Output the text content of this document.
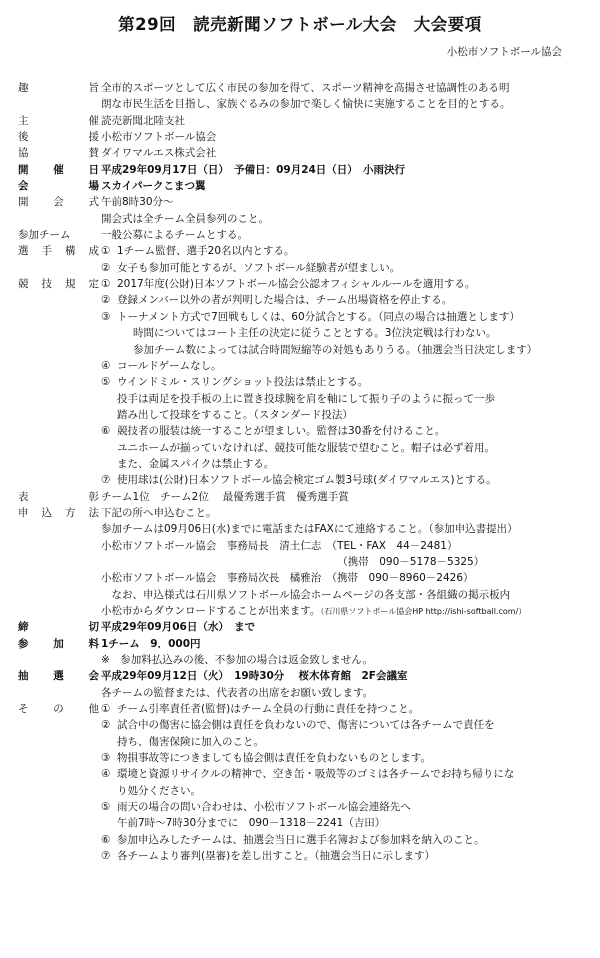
第29回　読売新聞ソフトボール大会　大会要項
小松市ソフトボール協会
趣	旨 全市的スポーツとして広く市民の参加を得て、スポーツ精神を高揚させ協調性のある明
朗な市民生活を目指し、家族ぐるみの参加で楽しく愉快に実施することを目的とする。
主	催 読売新聞北陸支社
後	援 小松市ソフトボール協会
協	賛 ダイワマルエス株式会社
開 催 日 平成29年09月17日（日）　予備日：09月24日（日）　小雨決行
会	場 スカイパークこまつ翼
開 会 式 午前8時30分～
開会式は全チーム全員参列のこと。
参加チーム	一般公募によるチームとする。
選 手 構 成 ① 1チーム監督、選手20名以内とする。
② 女子も参加可能とするが、ソフトボール経験者が望ましい。
競 技 規 定 ① 2017年度(公財)日本ソフトボール協会公認オフィシャルルールを適用する。
② 登録メンバー以外の者が判明した場合は、チーム出場資格を停止する。
③ トーナメント方式で7回戦もしくは、60分試合とする。（同点の場合は抽選とします）
時間についてはコート主任の決定に従うこととする。3位決定戦は行わない。
参加チーム数によっては試合時間短縮等の対処もありうる。（抽選会当日決定します）
④ コールドゲームなし。
⑤ ウインドミル・スリングショット投法は禁止とする。
投手は両足を投手板の上に置き投球腕を肩を軸にして振り子のように振って一歩
踏み出して投球をすること。（スタンダード投法）
⑥ 競技者の服装は統一することが望ましい。監督は30番を付けること。
ユニホームが揃っていなければ、競技可能な服装で望むこと。帽子は必ず着用。
また、金属スパイクは禁止する。
⑦ 使用球は(公財)日本ソフトボール協会検定ゴム製3号球(ダイワマルエス)とする。
表	彰 チーム1位　チーム2位　 最優秀選手賞　優秀選手賞
申 込 方 法 下記の所へ申込むこと。
参加チームは09月06日(水)までに電話またはFAXにて連絡すること。（参加申込書提出）
小松市ソフトボール協会　事務局長　清土仁志　（TEL・FAX　44－2481）
　　　　　　　　　　　　　　　　　　　　　　　（携帯　090－5178－5325）
小松市ソフトボール協会　事務局次長　橘雅治　（携帯　090－8960－2426）
　なお、申込様式は石川県ソフトボール協会ホームページの各支部・各組織の掲示板内
小松市からダウンロードすることが出来ます。（石川県ソフトボール協会HP http://ishi-softball.com/）
締	切 平成29年09月06日（水）　まで
参 加 料 1チーム　9．000円
※　参加料払込みの後、不参加の場合は返金致しません。
抽 選 会 平成29年09月12日（火）　19時30分　 桜木体育館　2F会議室
各チームの監督または、代表者の出席をお願い致します。
そ の 他 ① チーム引率責任者(監督)はチーム全員の行動に責任を持つこと。
② 試合中の傷害に協会側は責任を負わないので、傷害については各チームで責任を
持ち、傷害保険に加入のこと。
③ 物損事故等につきましても協会側は責任を負わないものとします。
④ 環境と資源リサイクルの精神で、空き缶・吸殻等のゴミは各チームでお持ち帰りにな
り処分ください。
⑤ 雨天の場合の問い合わせは、小松市ソフトボール協会連絡先へ
午前7時～7時30分までに　090－1318－2241（吉田）
⑥ 参加申込みしたチームは、抽選会当日に選手名簿および参加料を納入のこと。
⑦ 各チームより審判(塁審)を差し出すこと。（抽選会当日に示します）
